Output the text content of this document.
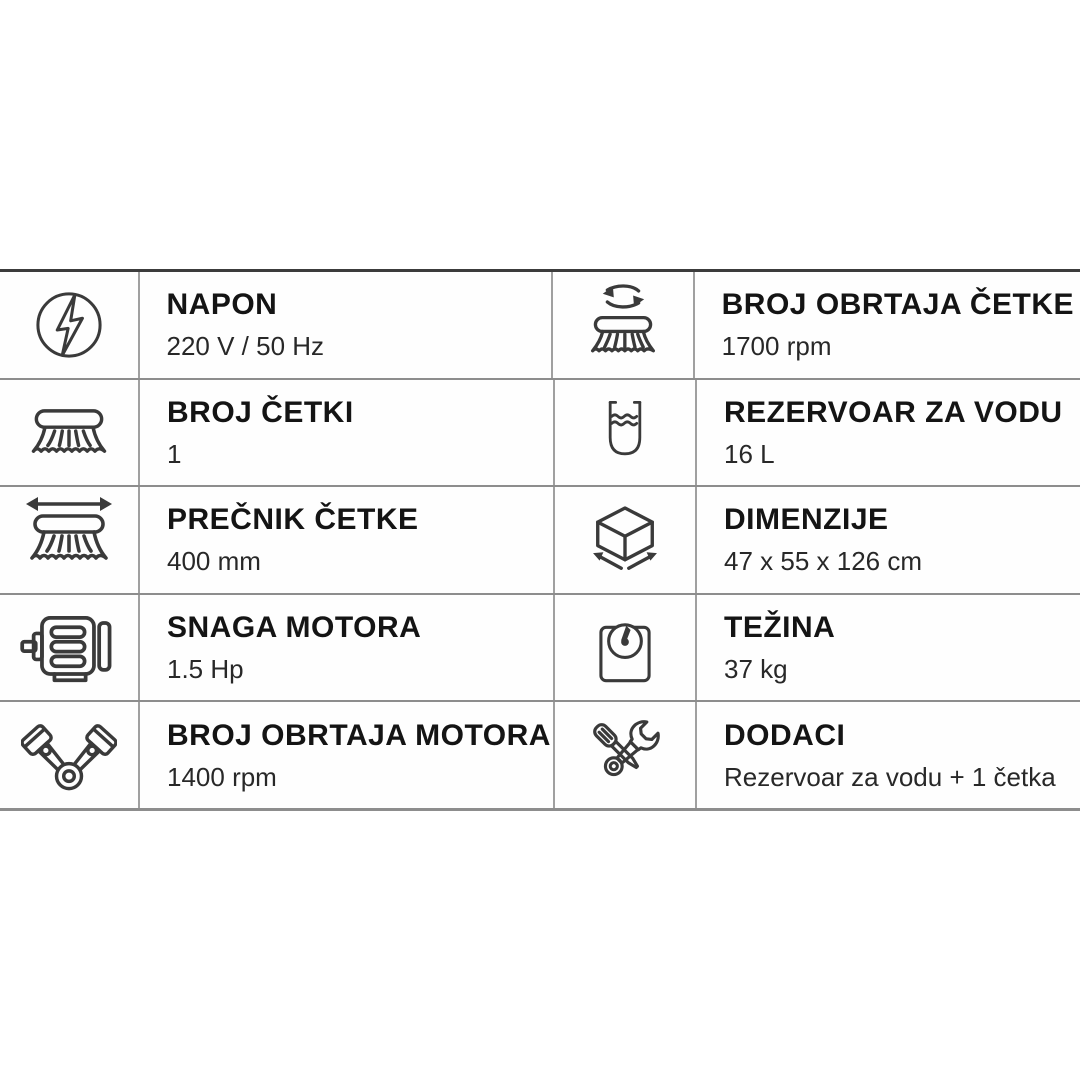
NAPON
220 V / 50 Hz
BROJ OBRTAJA ČETKE
1700 rpm
BROJ ČETKI
1
REZERVOAR ZA VODU
16 L
PREČNIK ČETKE
400 mm
DIMENZIJE
47 x 55 x 126 cm
SNAGA MOTORA
1.5 Hp
TEŽINA
37 kg
BROJ OBRTAJA MOTORA
1400 rpm
DODACI
Rezervoar za vodu + 1 četka
